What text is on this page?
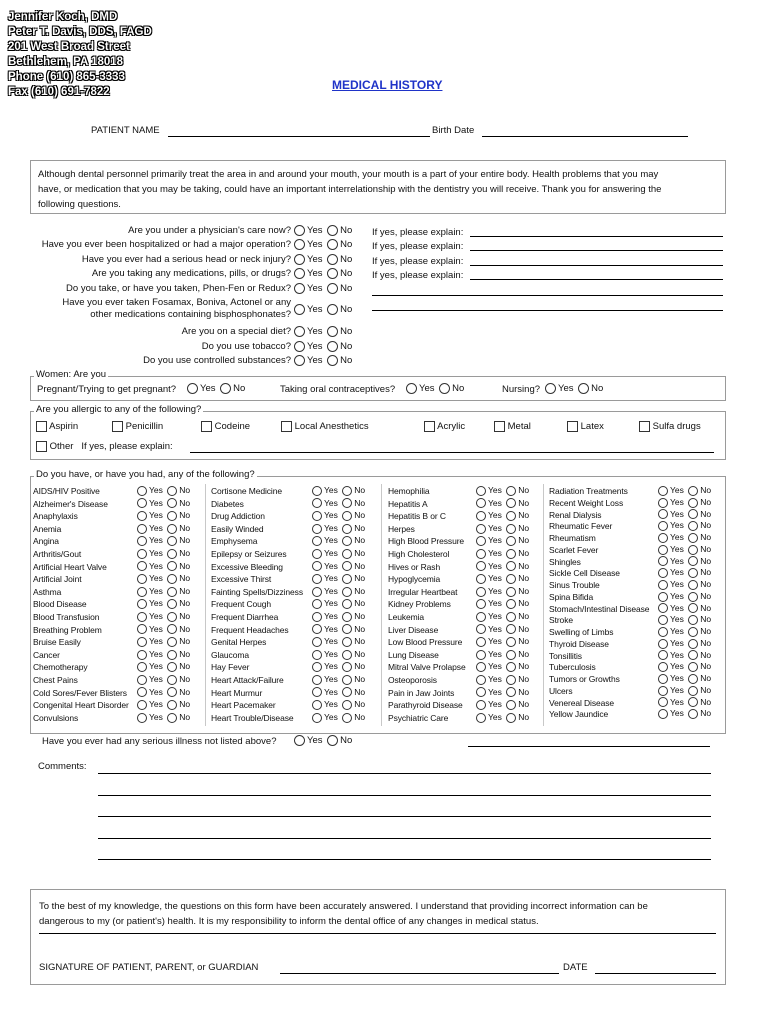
Jennifer Koch, DMD
Peter T. Davis, DDS, FAGD
201 West Broad Street
Bethlehem, PA 18018
Phone (610) 865-3333
Fax (610) 691-7822	MEDICAL HISTORY
PATIENT NAME	Birth Date
Although dental personnel primarily treat the area in and around your mouth, your mouth is a part of your entire body. Health problems that you may
have, or medication that you may be taking, could have an important interrelationship with the dentistry you will receive. Thank you for answering the
following questions.
Are you under a physician's care now?	Yes No If yes, please explain:
Have you ever been hospitalized or had a major operation?	Yes No If yes, please explain:
Have you ever had a serious head or neck injury?	Yes No If yes, please explain:
Are you taking any medications, pills, or drugs?	Yes No If yes, please explain:
Do you take, or have you taken, Phen-Fen or Redux?	Yes No
Have you ever taken Fosamax, Boniva, Actonel or any
other medications containing bisphosphonates?	Yes No
Are you on a special diet?	Yes No
Do you use tobacco?	Yes No
Do you use controlled substances?	Yes No
Women: Are you
Pregnant/Trying to get pregnant?	Yes No	Taking oral contraceptives?	Yes No	Nursing?	Yes No
Are you allergic to any of the following?
Aspirin	Penicillin	Codeine	Local Anesthetics	Acrylic	Metal	Latex	Sulfa drugs
Other If yes, please explain:
Do you have, or have you had, any of the following?
AIDS/HIV Positive	Yes No
Alzheimer's Disease	Yes No
Anaphylaxis	Yes No
Anemia	Yes No
Angina	Yes No
Arthritis/Gout	Yes No
Artificial Heart Valve	Yes No
Artificial Joint	Yes No
Asthma	Yes No
Blood Disease	Yes No
Blood Transfusion	Yes No
Breathing Problem	Yes No
Bruise Easily	Yes No
Cancer	Yes No
Chemotherapy	Yes No
Chest Pains	Yes No
Cold Sores/Fever Blisters	Yes No
Congenital Heart Disorder	Yes No
Convulsions	Yes No
Cortisone Medicine	Yes No
Diabetes	Yes No
Drug Addiction	Yes No
Easily Winded	Yes No
Emphysema	Yes No
Epilepsy or Seizures	Yes No
Excessive Bleeding	Yes No
Excessive Thirst	Yes No
Fainting Spells/Dizziness	Yes No
Frequent Cough	Yes No
Frequent Diarrhea	Yes No
Frequent Headaches	Yes No
Genital Herpes	Yes No
Glaucoma	Yes No
Hay Fever	Yes No
Heart Attack/Failure	Yes No
Heart Murmur	Yes No
Heart Pacemaker	Yes No
Heart Trouble/Disease	Yes No
Hemophilia	Yes No
Hepatitis A	Yes No
Hepatitis B or C	Yes No
Herpes	Yes No
High Blood Pressure	Yes No
High Cholesterol	Yes No
Hives or Rash	Yes No
Hypoglycemia	Yes No
Irregular Heartbeat	Yes No
Kidney Problems	Yes No
Leukemia	Yes No
Liver Disease	Yes No
Low Blood Pressure	Yes No
Lung Disease	Yes No
Mitral Valve Prolapse	Yes No
Osteoporosis	Yes No
Pain in Jaw Joints	Yes No
Parathyroid Disease	Yes No
Psychiatric Care	Yes No
Radiation Treatments	Yes No
Recent Weight Loss	Yes No
Renal Dialysis	Yes No
Rheumatic Fever	Yes No
Rheumatism	Yes No
Scarlet Fever	Yes No
Shingles	Yes No
Sickle Cell Disease	Yes No
Sinus Trouble	Yes No
Spina Bifida	Yes No
Stomach/Intestinal Disease	Yes No
Stroke	Yes No
Swelling of Limbs	Yes No
Thyroid Disease	Yes No
Tonsillitis	Yes No
Tuberculosis	Yes No
Tumors or Growths	Yes No
Ulcers	Yes No
Venereal Disease	Yes No
Yellow Jaundice	Yes No
Have you ever had any serious illness not listed above?	Yes No
Comments:
To the best of my knowledge, the questions on this form have been accurately answered. I understand that providing incorrect information can be
dangerous to my (or patient's) health. It is my responsibility to inform the dental office of any changes in medical status.
SIGNATURE OF PATIENT, PARENT, or GUARDIAN	DATE
